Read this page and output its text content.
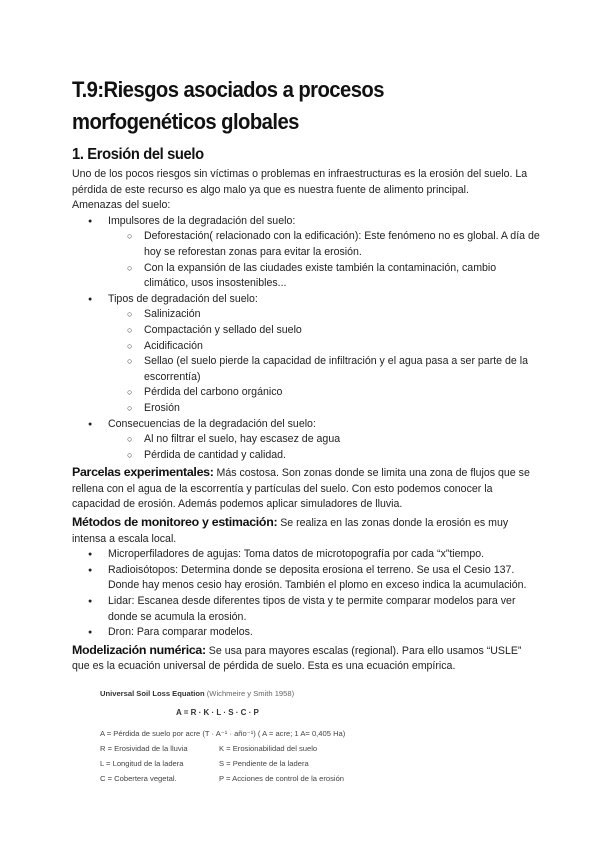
T.9:Riesgos asociados a procesos morfogenéticos globales
1. Erosión del suelo

Uno de los pocos riesgos sin víctimas o problemas en infraestructuras es la erosión del suelo. La pérdida de este recurso es algo malo ya que es nuestra fuente de alimento principal.

Amenazas del suelo:

● Impulsores de la degradación del suelo:
○ Deforestación( relacionado con la edificación): Este fenómeno no es global. A día de hoy se reforestan zonas para evitar la erosión.
○ Con la expansión de las ciudades existe también la contaminación, cambio climático, usos insostenibles...
● Tipos de degradación del suelo:
○ Salinización
○ Compactación y sellado del suelo
○ Acidificación
○ Sellao (el suelo pierde la capacidad de infiltración y el agua pasa a ser parte de la escorrentía)
○ Pérdida del carbono orgánico
○ Erosión
● Consecuencias de la degradación del suelo:
○ Al no filtrar el suelo, hay escasez de agua
○ Pérdida de cantidad y calidad.

Parcelas experimentales: Más costosa. Son zonas donde se limita una zona de flujos que se rellena con el agua de la escorrentía y partículas del suelo. Con esto podemos conocer la capacidad de erosión. Además podemos aplicar simuladores de lluvia.

Métodos de monitoreo y estimación: Se realiza en las zonas donde la erosión es muy intensa a escala local.

● Microperfiladores de agujas: Toma datos de microtopografía por cada “x”tiempo.
● Radioisótopos: Determina donde se deposita erosiona el terreno. Se usa el Cesio 137. Donde hay menos cesio hay erosión. También el plomo en exceso indica la acumulación.
● Lidar: Escanea desde diferentes tipos de vista y te permite comparar modelos para ver donde se acumula la erosión.
● Dron: Para comparar modelos.

Modelización numérica: Se usa para mayores escalas (regional). Para ello usamos “USLE” que es la ecuación universal de pérdida de suelo. Esta es una ecuación empírica.

Universal Soil Loss Equation (Wichmeire y Smith 1958)
A = R · K · L · S · C · P
A = Pérdida de suelo por acre (T · A⁻¹ · año⁻¹) ( A = acre; 1 A= 0,405 Ha)
R = Erosividad de la lluvia	K = Erosionabilidad del suelo
L = Longitud de la ladera	S = Pendiente de la ladera
C = Cobertera vegetal.	P = Acciones de control de la erosión
